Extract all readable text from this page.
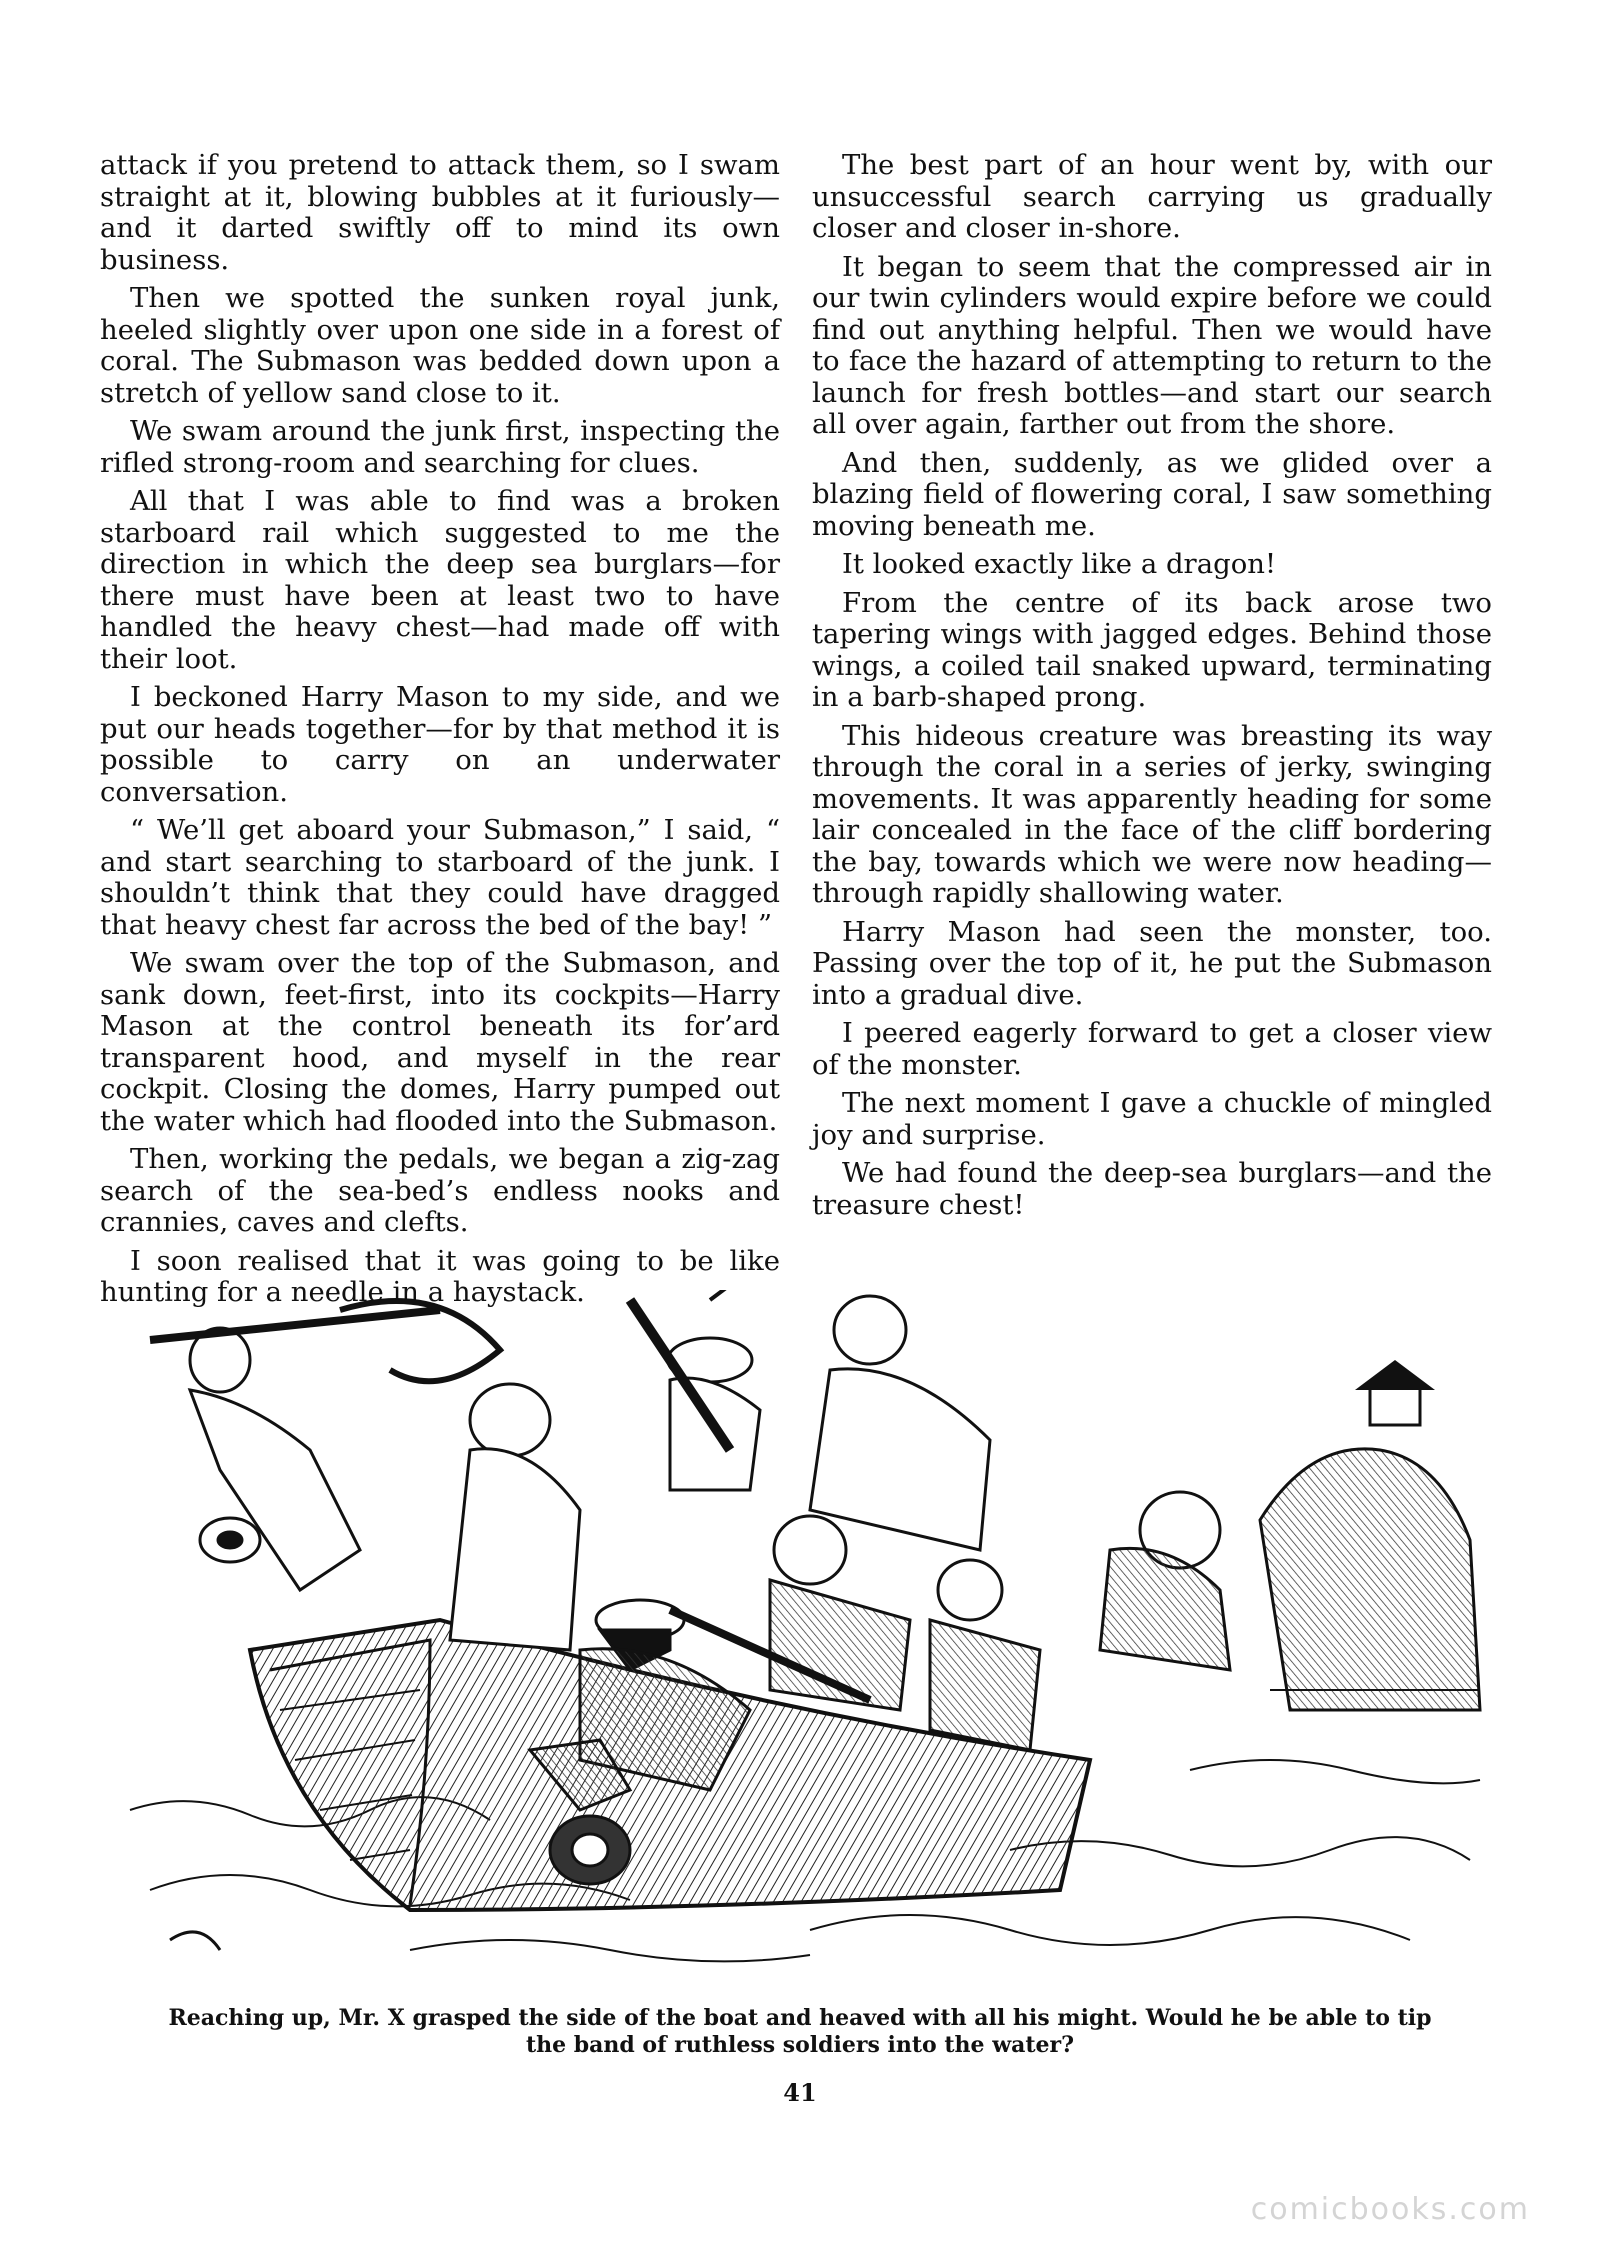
attack if you pretend to attack them, so I swam straight at it, blowing bubbles at it furiously—and it darted swiftly off to mind its own business.

Then we spotted the sunken royal junk, heeled slightly over upon one side in a forest of coral. The Submason was bedded down upon a stretch of yellow sand close to it.

We swam around the junk first, inspecting the rifled strong-room and searching for clues.

All that I was able to find was a broken starboard rail which suggested to me the direction in which the deep sea burglars—for there must have been at least two to have handled the heavy chest—had made off with their loot.

I beckoned Harry Mason to my side, and we put our heads together—for by that method it is possible to carry on an underwater conversation.

“ We’ll get aboard your Submason,” I said, “ and start searching to starboard of the junk. I shouldn’t think that they could have dragged that heavy chest far across the bed of the bay! ”

We swam over the top of the Submason, and sank down, feet-first, into its cockpits—Harry Mason at the control beneath its for’ard transparent hood, and myself in the rear cockpit. Closing the domes, Harry pumped out the water which had flooded into the Submason.

Then, working the pedals, we began a zig-zag search of the sea-bed’s endless nooks and crannies, caves and clefts.

I soon realised that it was going to be like hunting for a needle in a haystack.

The best part of an hour went by, with our unsuccessful search carrying us gradually closer and closer in-shore.

It began to seem that the compressed air in our twin cylinders would expire before we could find out anything helpful. Then we would have to face the hazard of attempting to return to the launch for fresh bottles—and start our search all over again, farther out from the shore.

And then, suddenly, as we glided over a blazing field of flowering coral, I saw something moving beneath me.

It looked exactly like a dragon!

From the centre of its back arose two tapering wings with jagged edges. Behind those wings, a coiled tail snaked upward, terminating in a barb-shaped prong.

This hideous creature was breasting its way through the coral in a series of jerky, swinging movements. It was apparently heading for some lair concealed in the face of the cliff bordering the bay, towards which we were now heading—through rapidly shallowing water.

Harry Mason had seen the monster, too. Passing over the top of it, he put the Submason into a gradual dive.

I peered eagerly forward to get a closer view of the monster.

The next moment I gave a chuckle of mingled joy and surprise.

We had found the deep-sea burglars—and the treasure chest!

Reaching up, Mr. X grasped the side of the boat and heaved with all his might. Would he be able to tip
the band of ruthless soldiers into the water?
41
comicbooks.com
